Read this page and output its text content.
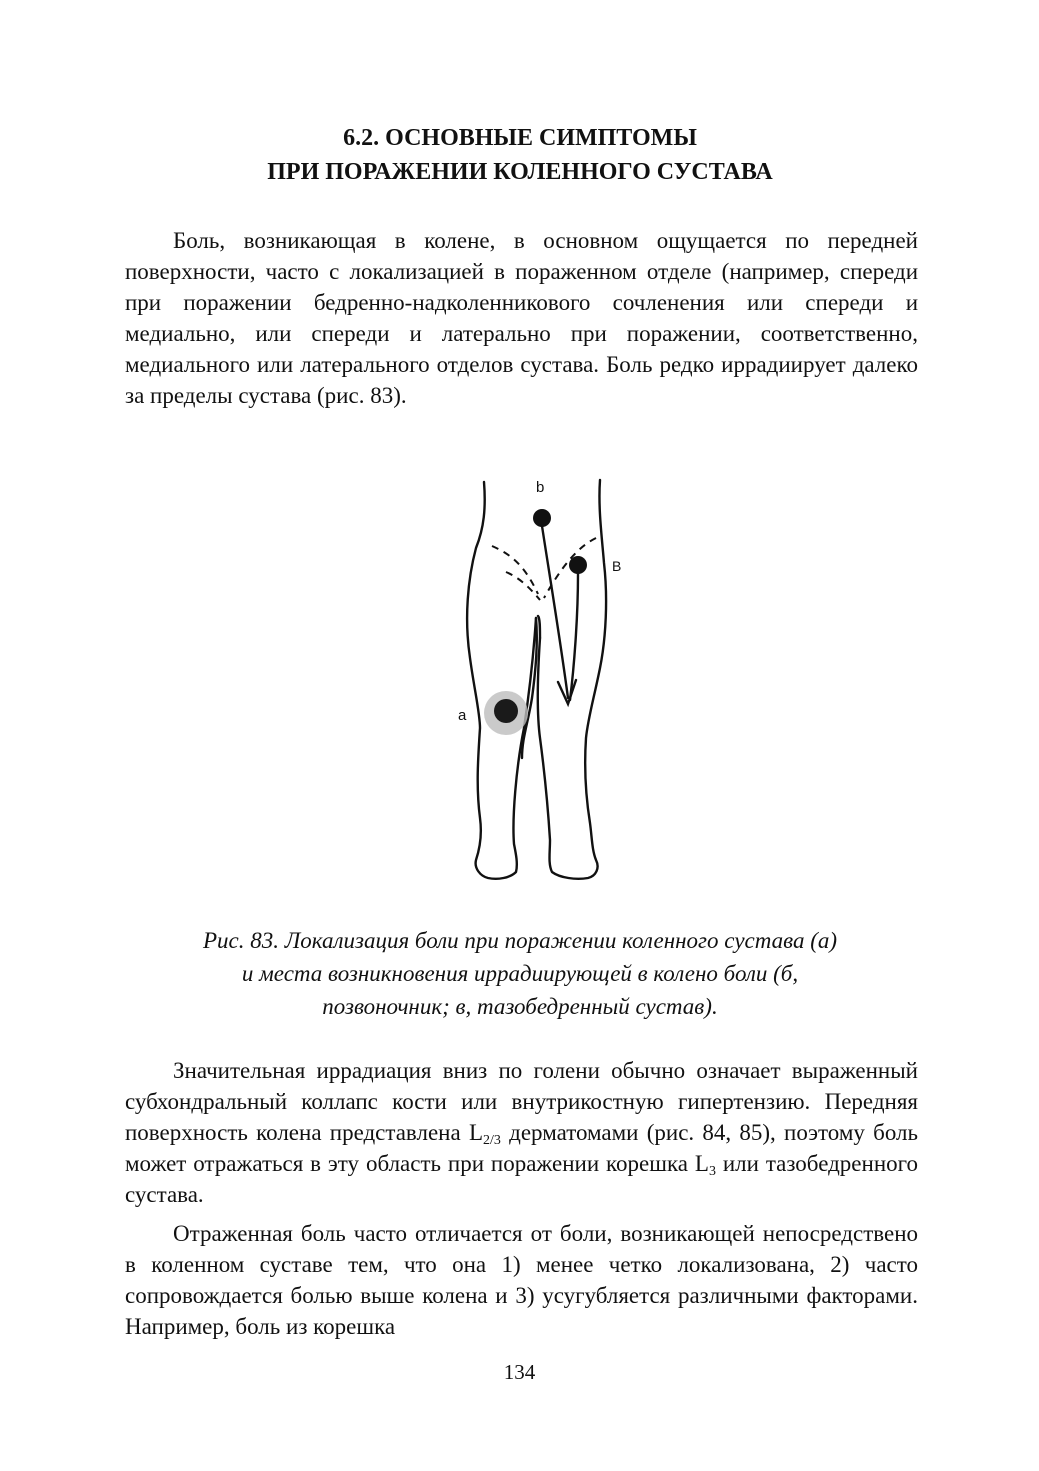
6.2. ОСНОВНЫЕ СИМПТОМЫ
ПРИ ПОРАЖЕНИИ КОЛЕННОГО СУСТАВА

Боль, возникающая в колене, в основном ощущается по передней поверхности, часто с локализацией в пораженном отделе (например, спереди при поражении бедренно-надколенникового сочленения или спереди и медиально, или спереди и латерально при поражении, соответственно, медиального или латерального отделов сустава. Боль редко иррадиирует далеко за пределы сустава (рис. 83).

a
b
B
Рис. 83. Локализация боли при поражении коленного сустава (а)
и места возникновения иррадиирующей в колено боли (б,
позвоночник; в, тазобедренный сустав).

Значительная иррадиация вниз по голени обычно означает выраженный субхондральный коллапс кости или внутрикостную гипертензию. Передняя поверхность колена представлена $L_{2/3}$ дерматомами (рис. 84, 85), поэтому боль может отражаться в эту область при поражении корешка $L_3$ или тазобедренного сустава.

Отраженная боль часто отличается от боли, возникающей непосредствено в коленном суставе тем, что она 1) менее четко локализована, 2) часто сопровождается болью выше колена и 3) усугубляется различными факторами. Например, боль из корешка

134
